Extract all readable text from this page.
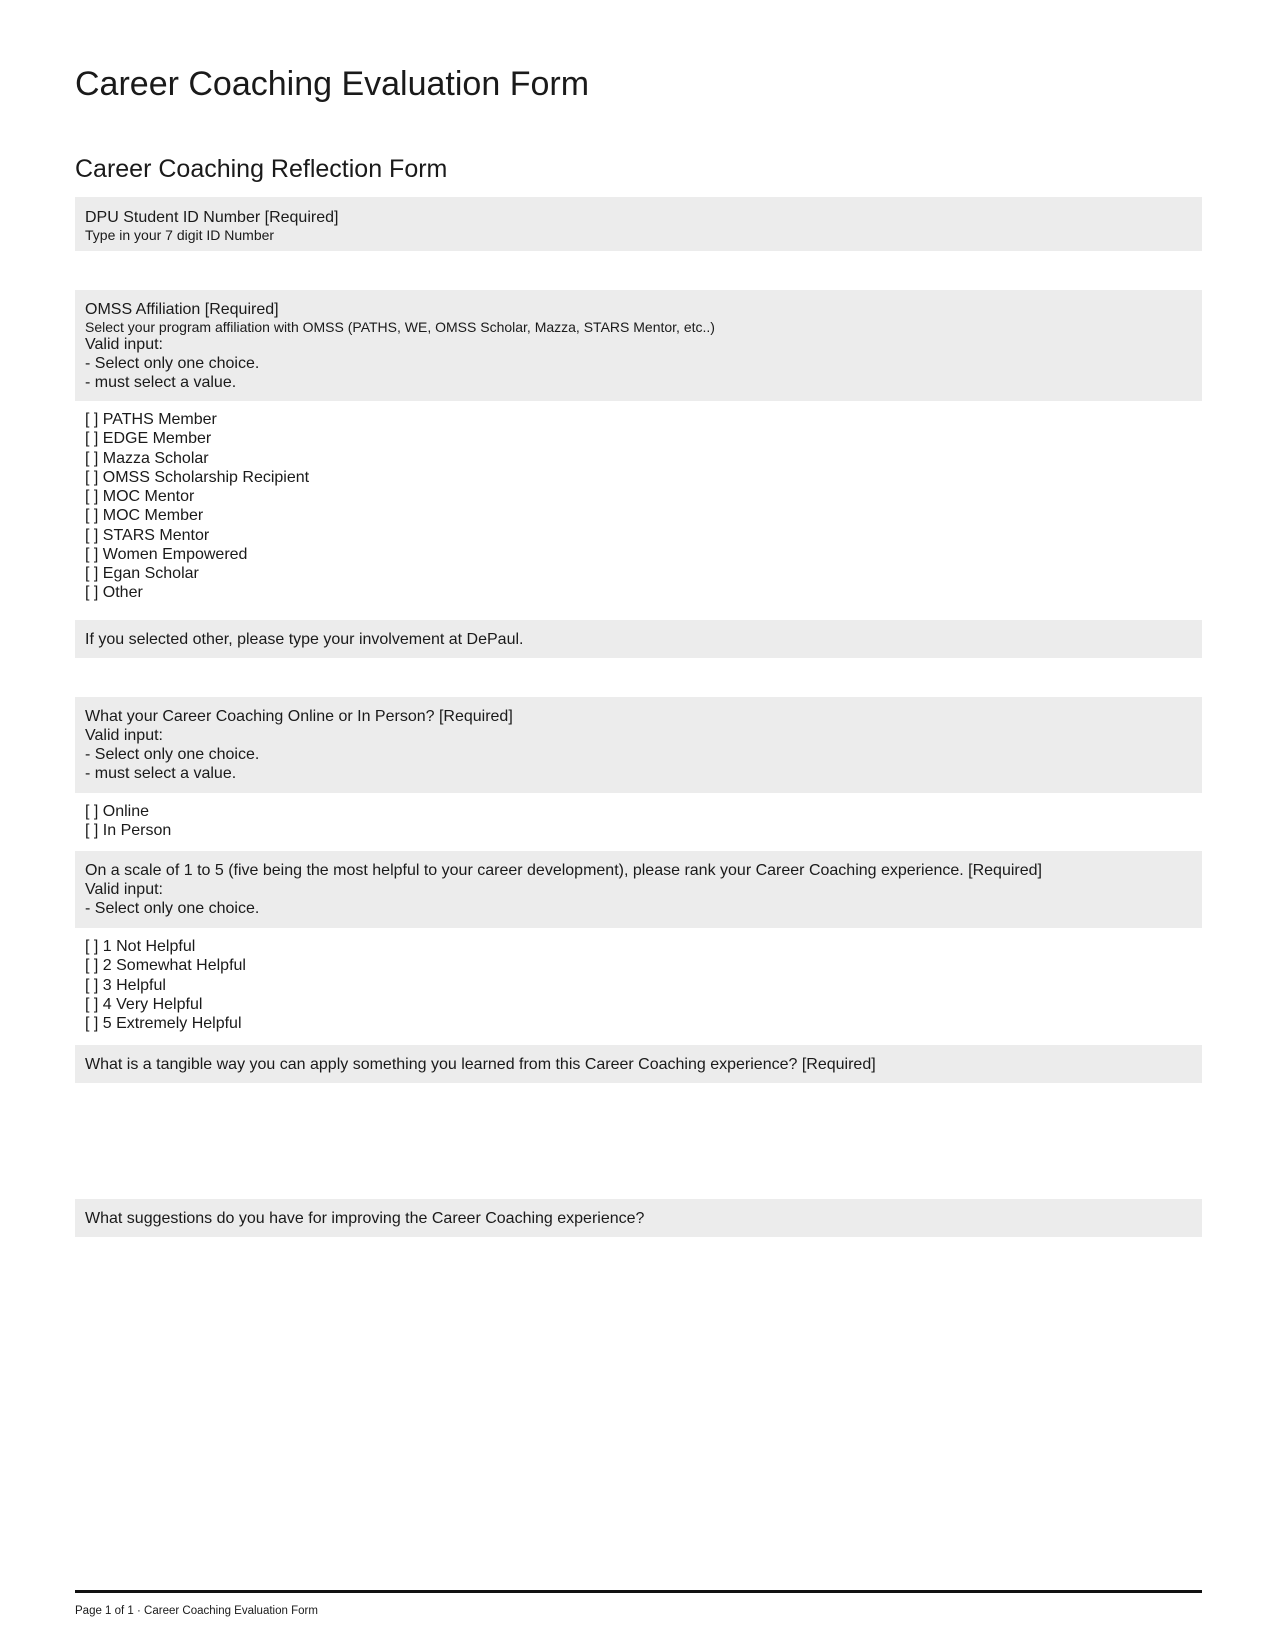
Career Coaching Evaluation Form
Career Coaching Reflection Form
DPU Student ID Number [Required]
Type in your 7 digit ID Number
OMSS Affiliation [Required]
Select your program affiliation with OMSS (PATHS, WE, OMSS Scholar, Mazza, STARS Mentor, etc..)
Valid input:
- Select only one choice.
- must select a value.
[ ] PATHS Member
[ ] EDGE Member
[ ] Mazza Scholar
[ ] OMSS Scholarship Recipient
[ ] MOC Mentor
[ ] MOC Member
[ ] STARS Mentor
[ ] Women Empowered
[ ] Egan Scholar
[ ] Other
If you selected other, please type your involvement at DePaul.
What your Career Coaching Online or In Person? [Required]
Valid input:
- Select only one choice.
- must select a value.
[ ] Online
[ ] In Person
On a scale of 1 to 5 (five being the most helpful to your career development), please rank your Career Coaching experience. [Required]
Valid input:
- Select only one choice.
[ ] 1 Not Helpful
[ ] 2 Somewhat Helpful
[ ] 3 Helpful
[ ] 4 Very Helpful
[ ] 5 Extremely Helpful
What is a tangible way you can apply something you learned from this Career Coaching experience? [Required]
What suggestions do you have for improving the Career Coaching experience?
Page 1 of 1 · Career Coaching Evaluation Form
